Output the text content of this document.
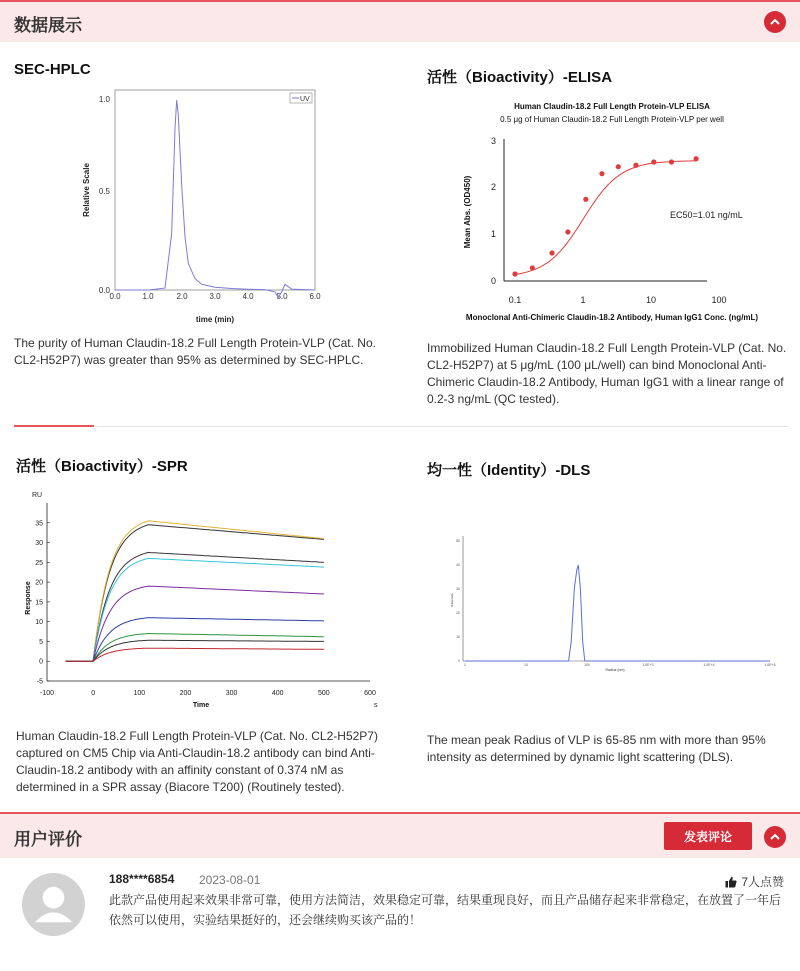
数据展示
SEC-HPLC
UV
1.0
0.5
0.0
Relative Scale
0.0	1.0	2.0	3.0	4.0	5.0	6.0
time (min)
The purity of Human Claudin-18.2 Full Length Protein-VLP (Cat. No. CL2-H52P7) was greater than 95% as determined by SEC-HPLC.
活性（Bioactivity）-ELISA
Human Claudin-18.2 Full Length Protein-VLP ELISA
0.5 μg of Human Claudin-18.2 Full Length Protein-VLP per well
3
2
1
0
0.1	1	10	100
Mean Abs. (OD450)
Monoclonal Anti-Chimeric Claudin-18.2 Antibody, Human IgG1 Conc. (ng/mL)
EC50=1.01 ng/mL
Immobilized Human Claudin-18.2 Full Length Protein-VLP (Cat. No. CL2-H52P7) at 5 μg/mL (100 μL/well) can bind Monoclonal Anti-Chimeric Claudin-18.2 Antibody, Human IgG1 with a linear range of 0.2-3 ng/mL (QC tested).
活性（Bioactivity）-SPR
RU
35
30
25
20
15
10
5
0
-5
-100	0	100	200	300	400	500	600
Response
Time	s
Human Claudin-18.2 Full Length Protein-VLP (Cat. No. CL2-H52P7) captured on CM5 Chip via Anti-Claudin-18.2 antibody can bind Anti-Claudin-18.2 antibody with an affinity constant of 0.374 nM as determined in a SPR assay (Biacore T200) (Routinely tested).
均一性（Identity）-DLS
%Intensity
Radius (nm)
50
40
30
20
10
0
1	10	100	1.0E+3	1.0E+4	1.0E+5
The mean peak Radius of VLP is 65-85 nm with more than 95% intensity as determined by dynamic light scattering (DLS).
用户评价	发表评论
188****6854 2023-08-01	7人点赞
此款产品使用起来效果非常可靠，使用方法简洁，效果稳定可靠，结果重现良好，而且产品储存起来非常稳定，在放置了一年后依然可以使用，实验结果挺好的，还会继续购买该产品的！
